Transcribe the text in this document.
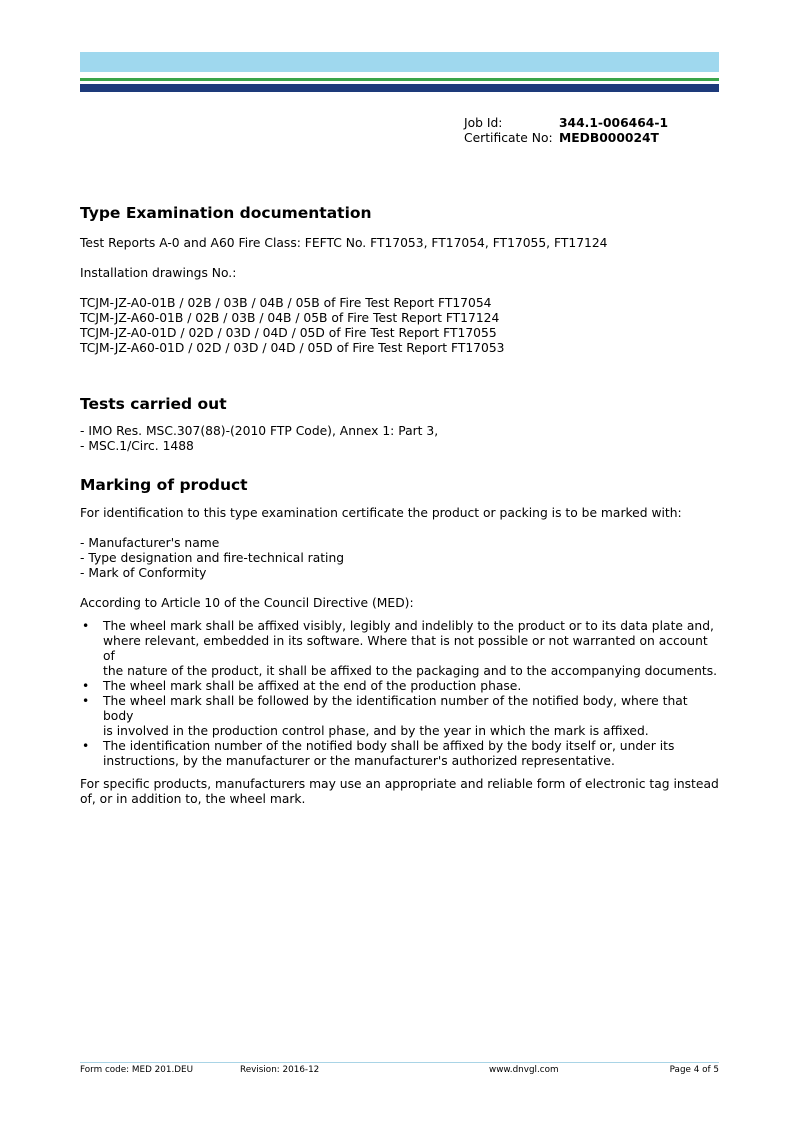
Job Id:	344.1-006464-1
Certificate No: MEDB000024T
Type Examination documentation

Test Reports A-0 and A60 Fire Class: FEFTC No. FT17053, FT17054, FT17055, FT17124

Installation drawings No.:

TCJM-JZ-A0-01B / 02B / 03B / 04B / 05B of Fire Test Report FT17054
TCJM-JZ-A60-01B / 02B / 03B / 04B / 05B of Fire Test Report FT17124
TCJM-JZ-A0-01D / 02D / 03D / 04D / 05D of Fire Test Report FT17055
TCJM-JZ-A60-01D / 02D / 03D / 04D / 05D of Fire Test Report FT17053
Tests carried out
- IMO Res. MSC.307(88)-(2010 FTP Code), Annex 1: Part 3,
- MSC.1/Circ. 1488
Marking of product

For identification to this type examination certificate the product or packing is to be marked with:

- Manufacturer's name
- Type designation and fire-technical rating
- Mark of Conformity

According to Article 10 of the Council Directive (MED):

• The wheel mark shall be affixed visibly, legibly and indelibly to the product or to its data plate and,
where relevant, embedded in its software. Where that is not possible or not warranted on account of
the nature of the product, it shall be affixed to the packaging and to the accompanying documents.
• The wheel mark shall be affixed at the end of the production phase.
• The wheel mark shall be followed by the identification number of the notified body, where that body
is involved in the production control phase, and by the year in which the mark is affixed.
• The identification number of the notified body shall be affixed by the body itself or, under its
instructions, by the manufacturer or the manufacturer's authorized representative.
For specific products, manufacturers may use an appropriate and reliable form of electronic tag instead
of, or in addition to, the wheel mark.
Form code: MED 201.DEU	Revision: 2016-12	www.dnvgl.com	Page 4 of 5
